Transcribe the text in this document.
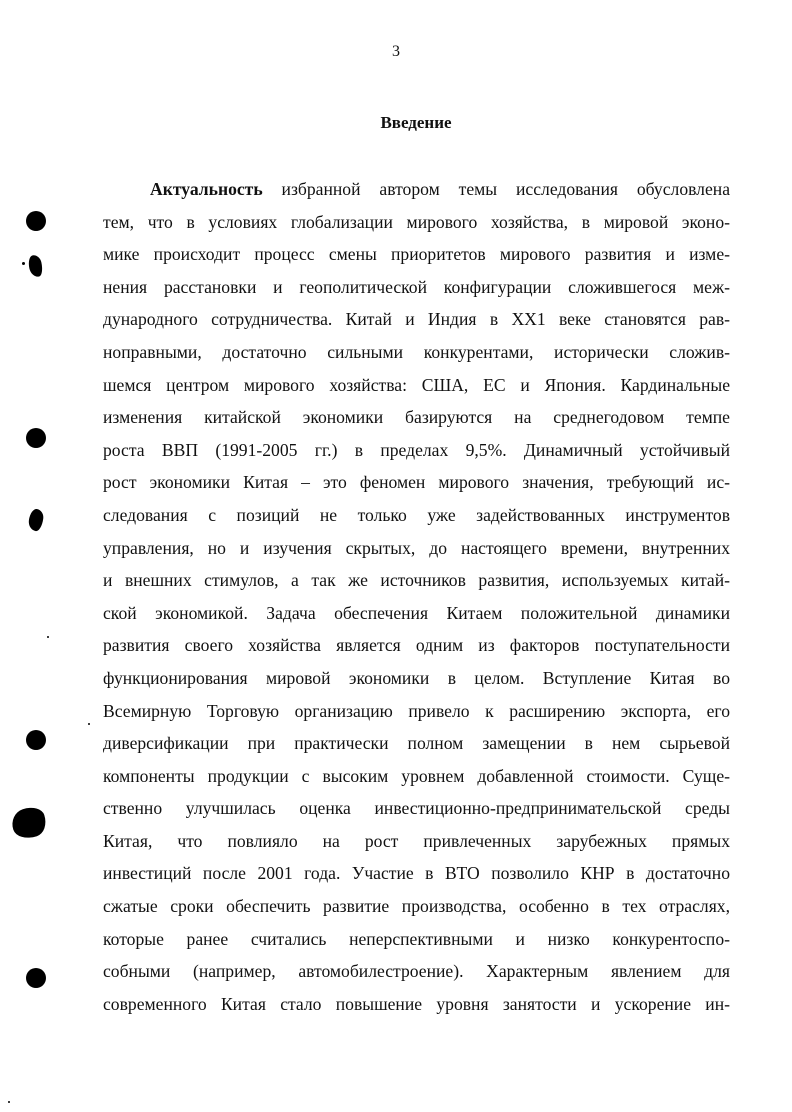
3
Введение
Актуальность избранной автором темы исследования обусловлена
тем, что в условиях глобализации мирового хозяйства, в мировой эконо-
мике происходит процесс смены приоритетов мирового развития и изме-
нения расстановки и геополитической конфигурации сложившегося меж-
дународного сотрудничества. Китай и Индия в XX1 веке становятся рав-
ноправными, достаточно сильными конкурентами, исторически сложив-
шемся центром мирового хозяйства: США, ЕС и Япония. Кардинальные
изменения китайской экономики базируются на среднегодовом темпе
роста ВВП (1991-2005 гг.) в пределах 9,5%. Динамичный устойчивый
рост экономики Китая – это феномен мирового значения, требующий ис-
следования с позиций не только уже задействованных инструментов
управления, но и изучения скрытых, до настоящего времени, внутренних
и внешних стимулов, а так же источников развития, используемых китай-
ской экономикой. Задача обеспечения Китаем положительной динамики
развития своего хозяйства является одним из факторов поступательности
функционирования мировой экономики в целом. Вступление Китая во
Всемирную Торговую организацию привело к расширению экспорта, его
диверсификации при практически полном замещении в нем сырьевой
компоненты продукции с высоким уровнем добавленной стоимости. Суще-
ственно улучшилась оценка инвестиционно-предпринимательской среды
Китая, что повлияло на рост привлеченных зарубежных прямых
инвестиций после 2001 года. Участие в ВТО позволило КНР в достаточно
сжатые сроки обеспечить развитие производства, особенно в тех отраслях,
которые ранее считались неперспективными и низко конкурентоспо-
собными (например, автомобилестроение). Характерным явлением для
современного Китая стало повышение уровня занятости и ускорение ин-
